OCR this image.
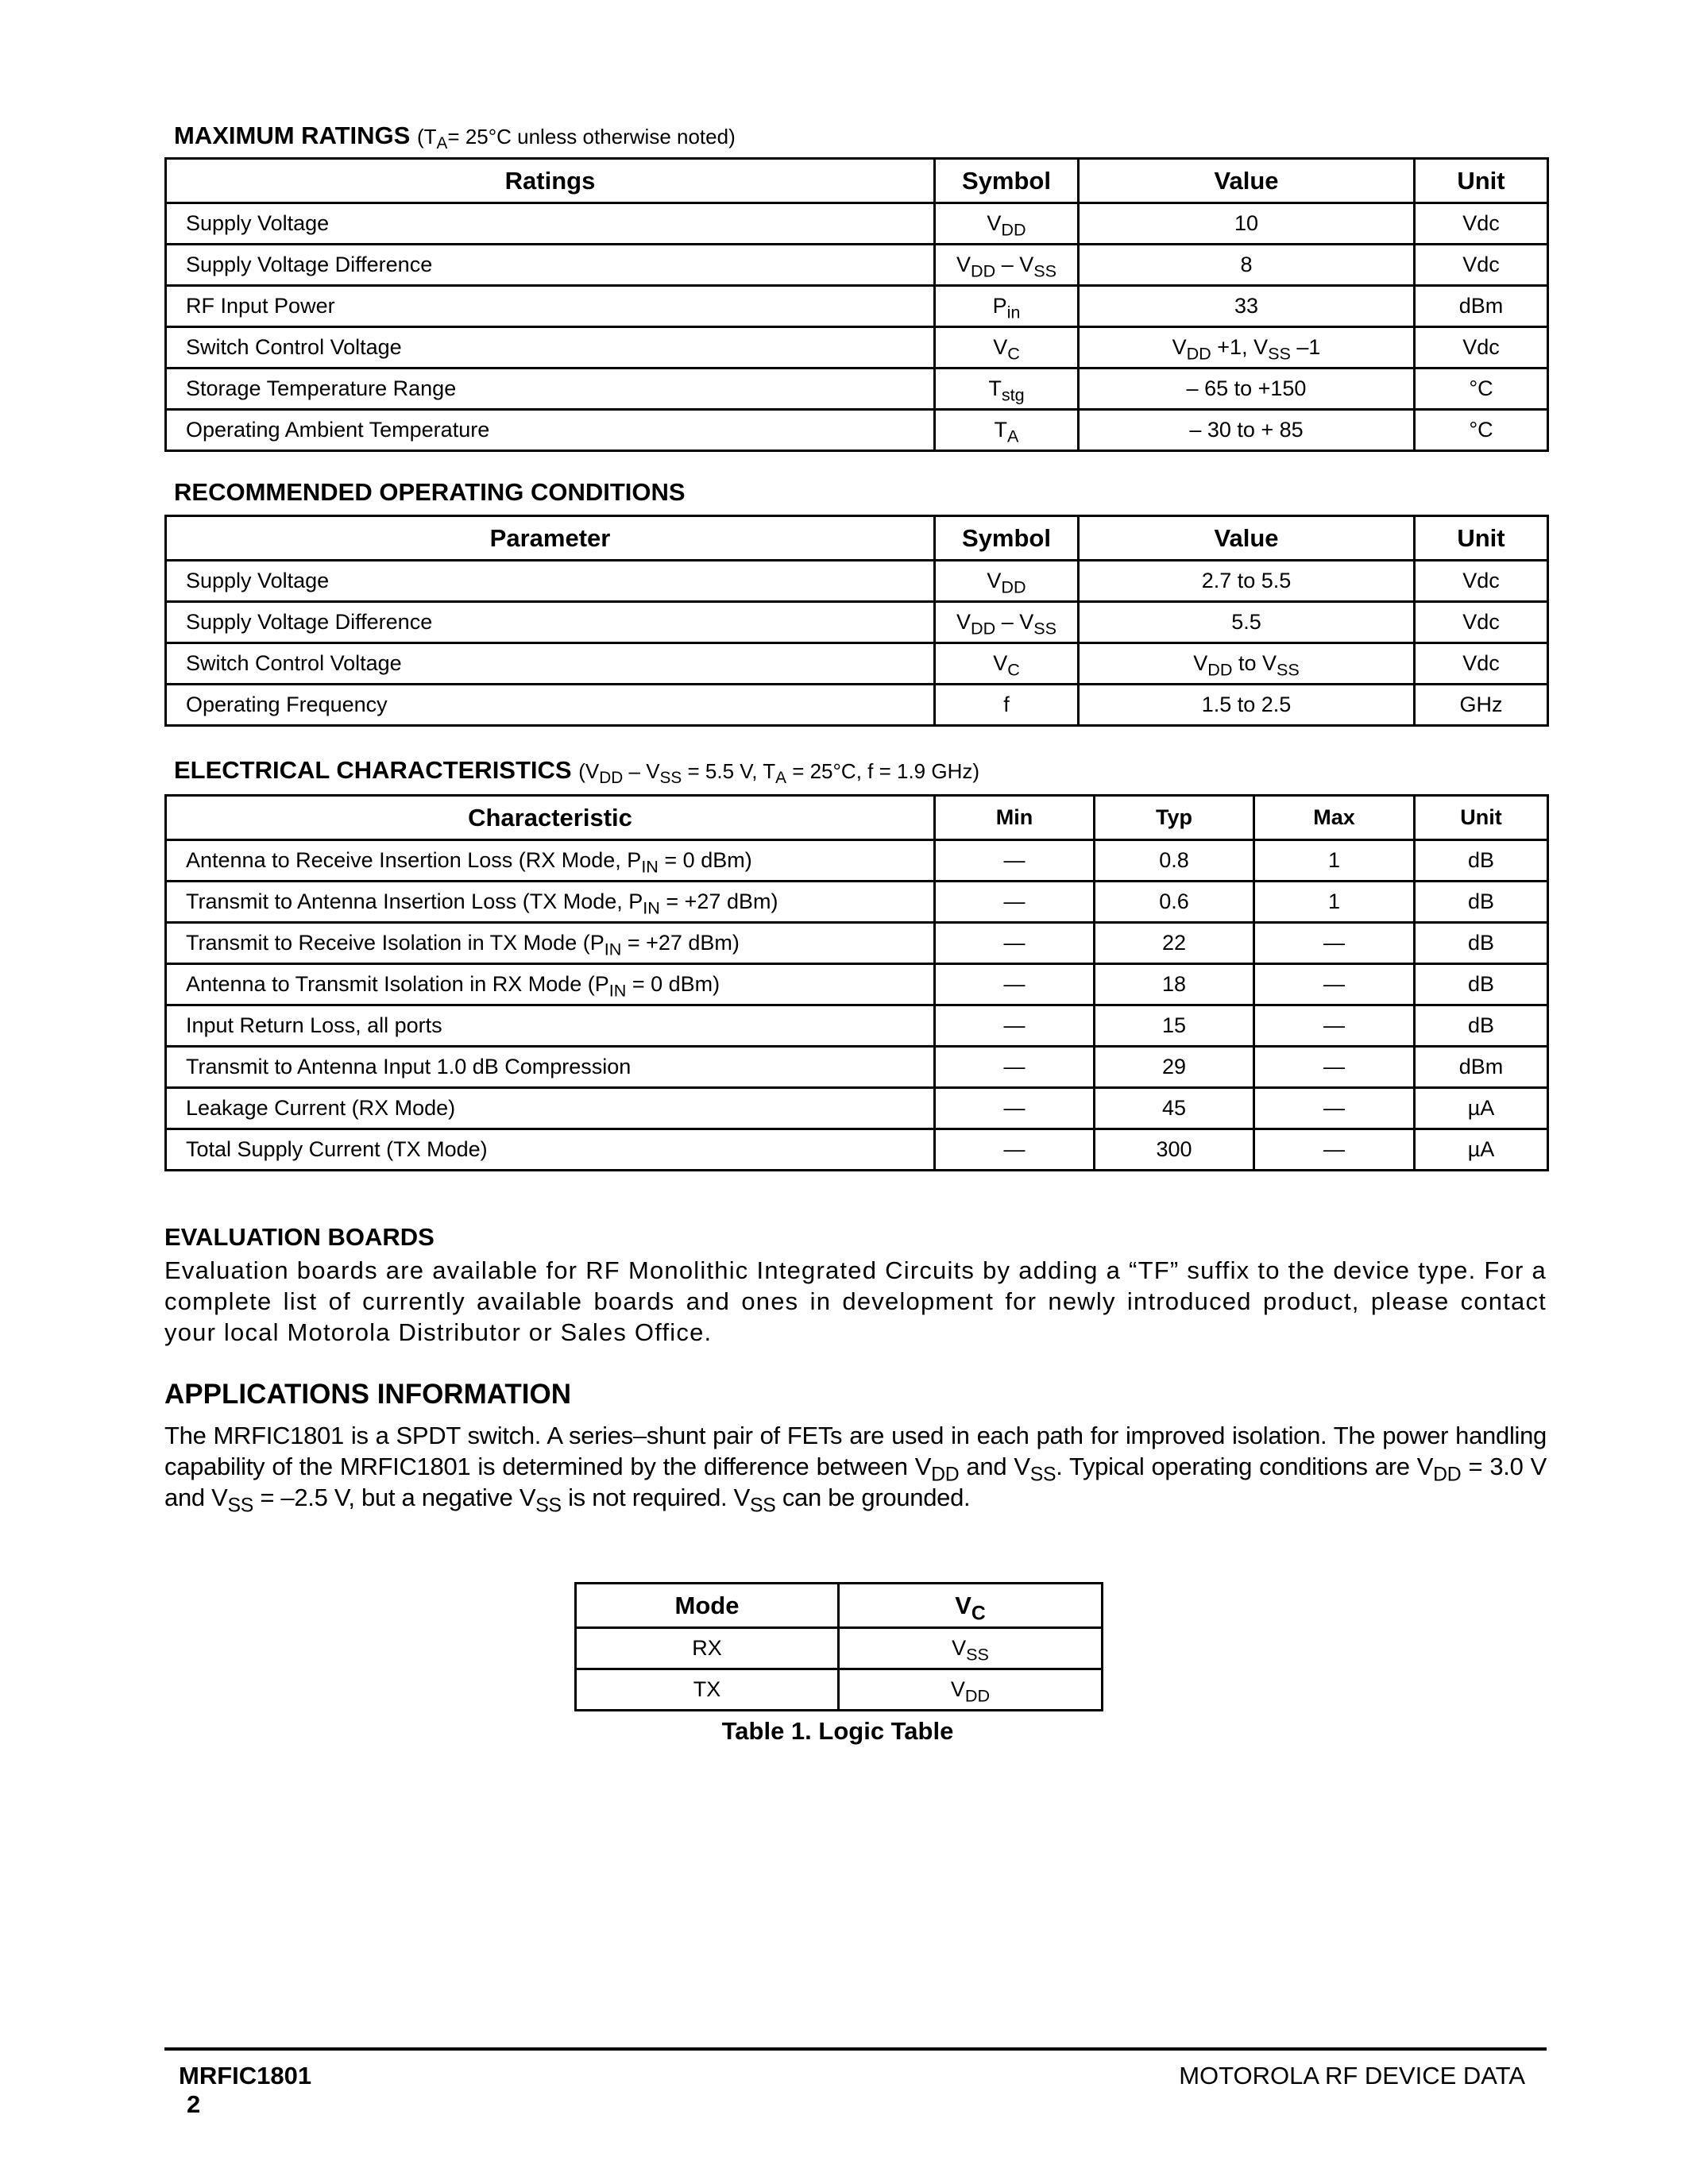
MAXIMUM RATINGS ($T_A= 25^\circ C$ unless otherwise noted)
Ratings	Symbol	Value	Unit
Supply Voltage	$V_{DD}$	10	Vdc
Supply Voltage Difference	$V_{DD} - V_{SS}$	8	Vdc
RF Input Power	$P_{in}$	33	dBm
Switch Control Voltage	$V_C$	$V_{DD} +1$, $V_{SS}$ –1	Vdc
Storage Temperature Range	$T_{stg}$	– 65 to +150	°C
Operating Ambient Temperature	$T_A$	– 30 to + 85	°C
RECOMMENDED OPERATING CONDITIONS
Parameter	Symbol	Value	Unit
Supply Voltage	$V_{DD}$	2.7 to 5.5	Vdc
Supply Voltage Difference	$V_{DD} - V_{SS}$	5.5	Vdc
Switch Control Voltage	$V_C$	$V_{DD}$ to $V_{SS}$	Vdc
Operating Frequency	f	1.5 to 2.5	GHz
ELECTRICAL CHARACTERISTICS ($V_{DD} - V_{SS} = 5.5$ V, $T_A = 25^\circ C$, f = 1.9 GHz)
Characteristic	Min	Typ	Max	Unit
Antenna to Receive Insertion Loss (RX Mode, $P_{IN} = 0$ dBm)	—	0.8	1	dB
Transmit to Antenna Insertion Loss (TX Mode, $P_{IN} = +27$ dBm)	—	0.6	1	dB
Transmit to Receive Isolation in TX Mode ($P_{IN} = +27$ dBm)	—	22	—	dB
Antenna to Transmit Isolation in RX Mode ($P_{IN} = 0$ dBm)	—	18	—	dB
Input Return Loss, all ports	—	15	—	dB
Transmit to Antenna Input 1.0 dB Compression	—	29	—	dBm
Leakage Current (RX Mode)	—	45	—	µA
Total Supply Current (TX Mode)	—	300	—	µA
EVALUATION BOARDS
Evaluation boards are available for RF Monolithic Integrated Circuits by adding a “TF” suffix to the device type. For a complete list of currently available boards and ones in development for newly introduced product, please contact your local Motorola Distributor or Sales Office.
APPLICATIONS INFORMATION
The MRFIC1801 is a SPDT switch. A series–shunt pair of FETs are used in each path for improved isolation. The power handling capability of the MRFIC1801 is determined by the difference between $V_{DD}$ and $V_{SS}$. Typical operating conditions are $V_{DD} = 3.0$ V and $V_{SS} = -2.5$ V, but a negative $V_{SS}$ is not required. $V_{SS}$ can be grounded.
Mode	$V_C$
RX	$V_{SS}$
TX	$V_{DD}$
Table 1. Logic Table
MRFIC1801
2
MOTOROLA RF DEVICE DATA
